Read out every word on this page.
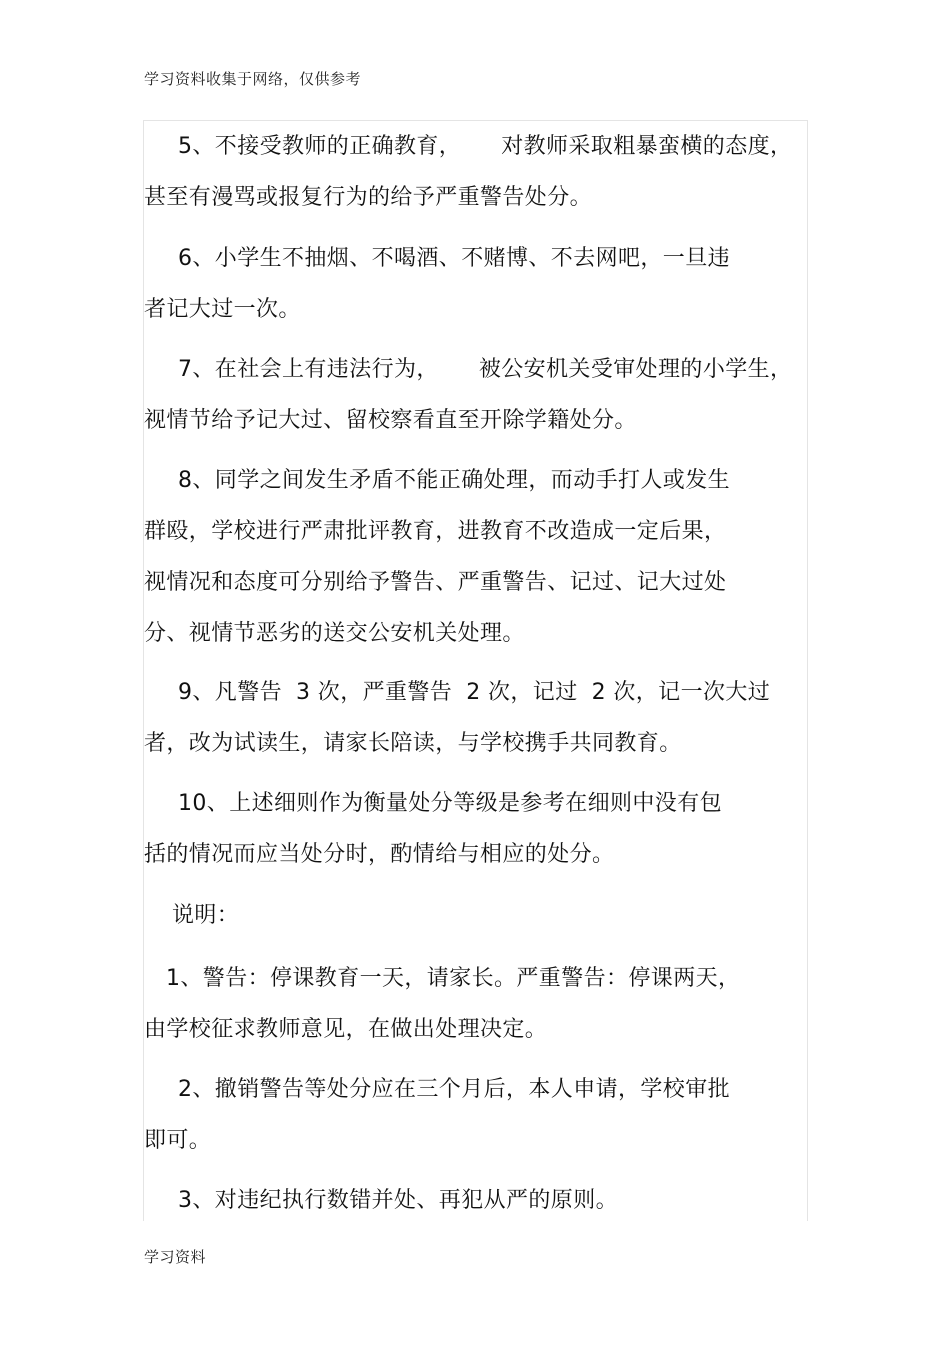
学习资料收集于网络，仅供参考
5、不接受教师的正确教育， 对教师采取粗暴蛮横的态度，
甚至有漫骂或报复行为的给予严重警告处分。
6、小学生不抽烟、不喝酒、不赌博、不去网吧，一旦违
者记大过一次。
7、在社会上有违法行为， 被公安机关受审处理的小学生，
视情节给予记大过、留校察看直至开除学籍处分。
8、同学之间发生矛盾不能正确处理，而动手打人或发生
群殴，学校进行严肃批评教育，进教育不改造成一定后果，
视情况和态度可分别给予警告、严重警告、记过、记大过处
分、视情节恶劣的送交公安机关处理。
9、凡警告 3 次，严重警告 2 次，记过 2 次，记一次大过
者，改为试读生，请家长陪读，与学校携手共同教育。
10、上述细则作为衡量处分等级是参考在细则中没有包
括的情况而应当处分时，酌情给与相应的处分。
说明：
1、警告：停课教育一天，请家长。严重警告：停课两天，
由学校征求教师意见，在做出处理决定。
2、撤销警告等处分应在三个月后，本人申请，学校审批
即可。
3、对违纪执行数错并处、再犯从严的原则。
学习资料
